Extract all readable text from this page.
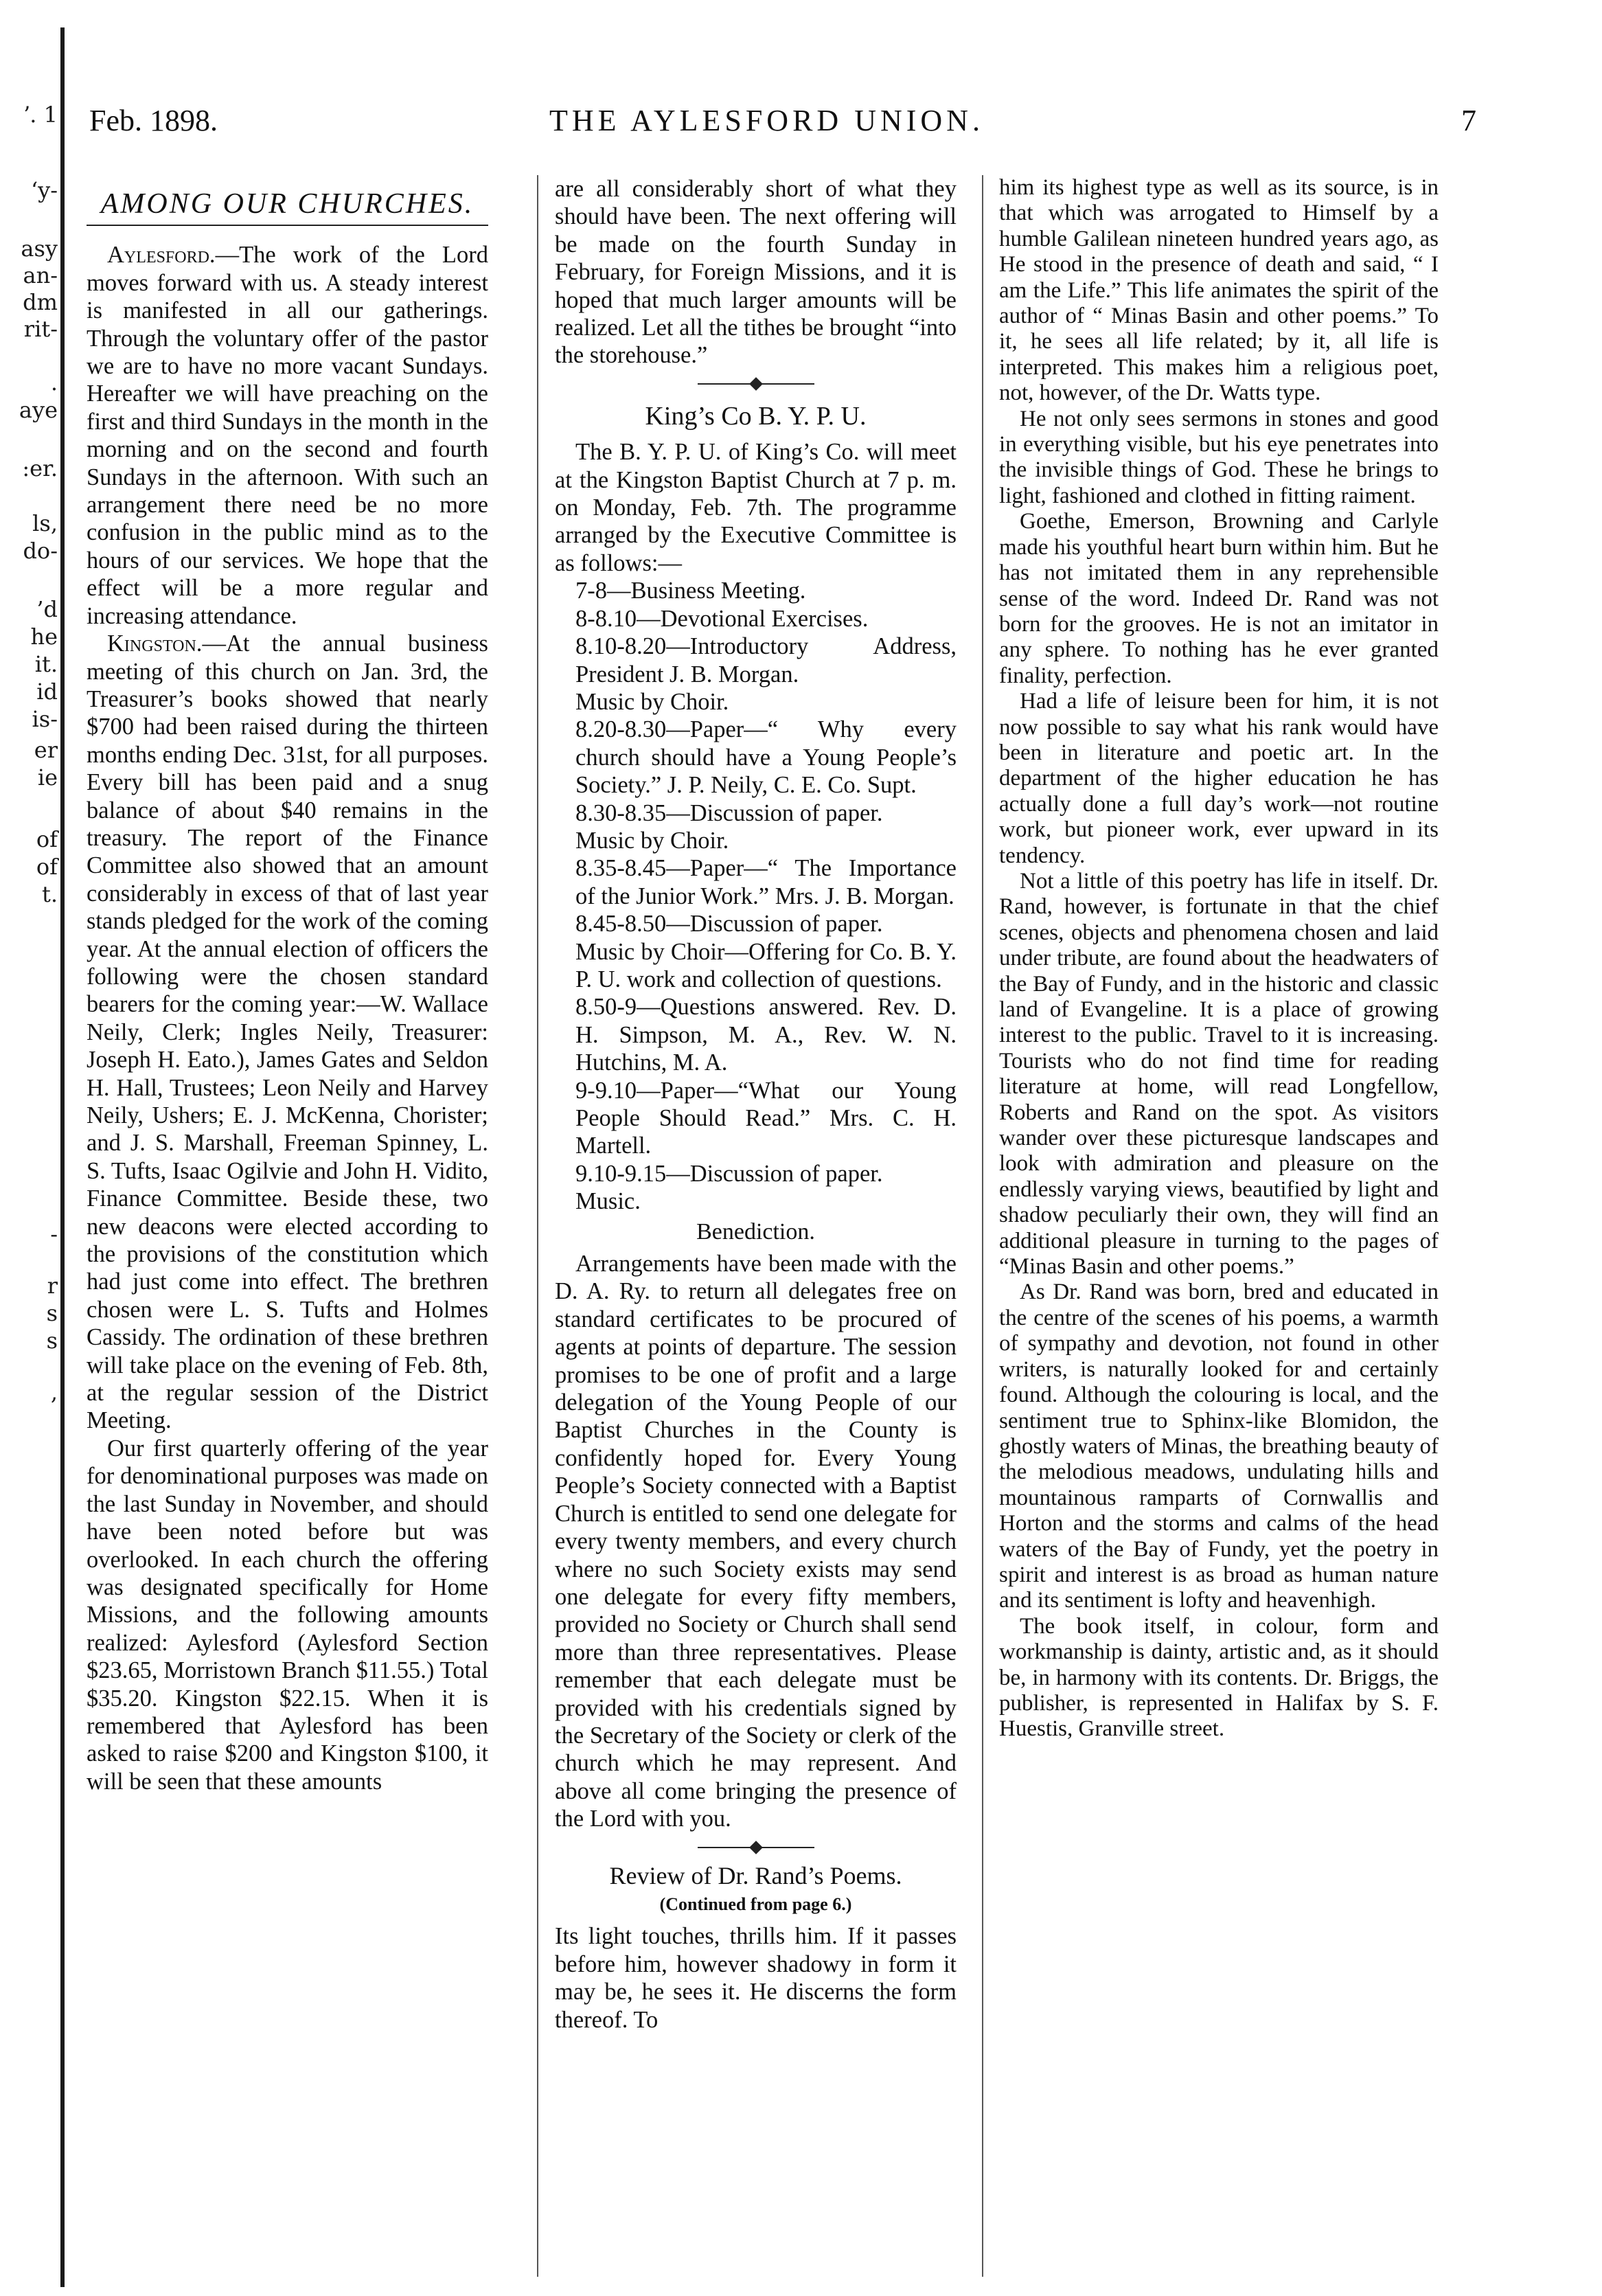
ʼ. 1
ʻy-
asy
an-
dm
rit-
.
aye
:er.
ls,
do-
’d
he
it.
id
is-
er
ie
of
of
t.
-
r
s
s
,
Feb. 1898.	THE AYLESFORD UNION.	7
AMONG OUR CHURCHES.

Aylesford.—The work of the Lord moves forward with us. A steady interest is manifested in all our gatherings. Through the voluntary offer of the pastor we are to have no more vacant Sundays. Hereafter we will have preaching on the first and third Sundays in the month in the morning and on the second and fourth Sundays in the afternoon. With such an arrangement there need be no more confusion in the public mind as to the hours of our services. We hope that the effect will be a more regular and increasing attendance.

Kingston.—At the annual business meeting of this church on Jan. 3rd, the Treasurer’s books showed that nearly $700 had been raised during the thirteen months ending Dec. 31st, for all purposes. Every bill has been paid and a snug balance of about $40 remains in the treasury. The report of the Finance Committee also showed that an amount considerably in excess of that of last year stands pledged for the work of the coming year. At the annual election of officers the following were the chosen standard bearers for the coming year:—W. Wallace Neily, Clerk; Ingles Neily, Treasurer: Joseph H. Eato.), James Gates and Seldon H. Hall, Trustees; Leon Neily and Harvey Neily, Ushers; E. J. McKenna, Chorister; and J. S. Marshall, Freeman Spinney, L. S. Tufts, Isaac Ogilvie and John H. Vidito, Finance Committee. Beside these, two new deacons were elected according to the provisions of the constitution which had just come into effect. The brethren chosen were L. S. Tufts and Holmes Cassidy. The ordination of these brethren will take place on the evening of Feb. 8th, at the regular session of the District Meeting.

Our first quarterly offering of the year for denominational purposes was made on the last Sunday in November, and should have been noted before but was overlooked. In each church the offering was designated specifically for Home Missions, and the following amounts realized: Aylesford (Aylesford Section $23.65, Morristown Branch $11.55.) Total $35.20. Kingston $22.15. When it is remembered that Aylesford has been asked to raise $200 and Kingston $100, it will be seen that these amounts

are all considerably short of what they should have been. The next offering will be made on the fourth Sunday in February, for Foreign Missions, and it is hoped that much larger amounts will be realized. Let all the tithes be brought “into the storehouse.”

King’s Co B. Y. P. U.

The B. Y. P. U. of King’s Co. will meet at the Kingston Baptist Church at 7 p. m. on Monday, Feb. 7th. The programme arranged by the Executive Committee is as follows:—

7-8—Business Meeting.

8-8.10—Devotional Exercises.

8.10-8.20—Introductory Address, President J. B. Morgan.

Music by Choir.

8.20-8.30—Paper—“ Why every church should have a Young People’s Society.” J. P. Neily, C. E. Co. Supt.

8.30-8.35—Discussion of paper.

Music by Choir.

8.35-8.45—Paper—“ The Importance of the Junior Work.” Mrs. J. B. Morgan.

8.45-8.50—Discussion of paper.

Music by Choir—Offering for Co. B. Y. P. U. work and collection of questions.

8.50-9—Questions answered. Rev. D. H. Simpson, M. A., Rev. W. N. Hutchins, M. A.

9-9.10—Paper—“What our Young People Should Read.” Mrs. C. H. Martell.

9.10-9.15—Discussion of paper.

Music.

Benediction.

Arrangements have been made with the D. A. Ry. to return all delegates free on standard certificates to be procured of agents at points of departure. The session promises to be one of profit and a large delegation of the Young People of our Baptist Churches in the County is confidently hoped for. Every Young People’s Society connected with a Baptist Church is entitled to send one delegate for every twenty members, and every church where no such Society exists may send one delegate for every fifty members, provided no Society or Church shall send more than three representatives. Please remember that each delegate must be provided with his credentials signed by the Secretary of the Society or clerk of the church which he may represent. And above all come bringing the presence of the Lord with you.

Review of Dr. Rand’s Poems.
(Continued from page 6.)

Its light touches, thrills him. If it passes before him, however shadowy in form it may be, he sees it. He discerns the form thereof. To

him its highest type as well as its source, is in that which was arrogated to Himself by a humble Galilean nineteen hundred years ago, as He stood in the presence of death and said, “ I am the Life.” This life animates the spirit of the author of “ Minas Basin and other poems.” To it, he sees all life related; by it, all life is interpreted. This makes him a religious poet, not, however, of the Dr. Watts type.

He not only sees sermons in stones and good in everything visible, but his eye penetrates into the invisible things of God. These he brings to light, fashioned and clothed in fitting raiment.

Goethe, Emerson, Browning and Carlyle made his youthful heart burn within him. But he has not imitated them in any reprehensible sense of the word. Indeed Dr. Rand was not born for the grooves. He is not an imitator in any sphere. To nothing has he ever granted finality, perfection.

Had a life of leisure been for him, it is not now possible to say what his rank would have been in literature and poetic art. In the department of the higher education he has actually done a full day’s work—not routine work, but pioneer work, ever upward in its tendency.

Not a little of this poetry has life in itself. Dr. Rand, however, is fortunate in that the chief scenes, objects and phenomena chosen and laid under tribute, are found about the headwaters of the Bay of Fundy, and in the historic and classic land of Evangeline. It is a place of growing interest to the public. Travel to it is increasing. Tourists who do not find time for reading literature at home, will read Longfellow, Roberts and Rand on the spot. As visitors wander over these picturesque landscapes and look with admiration and pleasure on the endlessly varying views, beautified by light and shadow peculiarly their own, they will find an additional pleasure in turning to the pages of “Minas Basin and other poems.”

As Dr. Rand was born, bred and educated in the centre of the scenes of his poems, a warmth of sympathy and devotion, not found in other writers, is naturally looked for and certainly found. Although the colouring is local, and the sentiment true to Sphinx-like Blomidon, the ghostly waters of Minas, the breathing beauty of the melodious meadows, undulating hills and mountainous ramparts of Cornwallis and Horton and the storms and calms of the head waters of the Bay of Fundy, yet the poetry in spirit and interest is as broad as human nature and its sentiment is lofty and heavenhigh.

The book itself, in colour, form and workmanship is dainty, artistic and, as it should be, in harmony with its contents. Dr. Briggs, the publisher, is represented in Halifax by S. F. Huestis, Granville street.
